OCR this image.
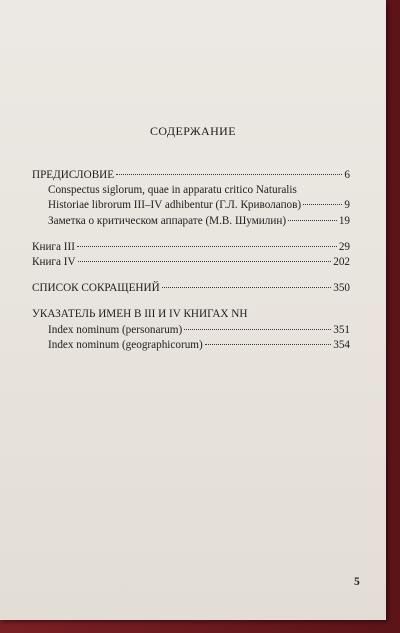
СОДЕРЖАНИЕ
ПРЕДИСЛОВИЕ	6
Conspectus siglorum, quae in apparatu critico Naturalis
Historiae librorum III–IV adhibentur (Г.Л. Криволапов)	9
Заметка о критическом аппарате (М.В. Шумилин)	19
Книга III	29
Книга IV	202
СПИСОК СОКРАЩЕНИЙ	350
УКАЗАТЕЛЬ ИМЕН В III И IV КНИГАХ NH
Index nominum (personarum)	351
Index nominum (geographicorum)	354
5
